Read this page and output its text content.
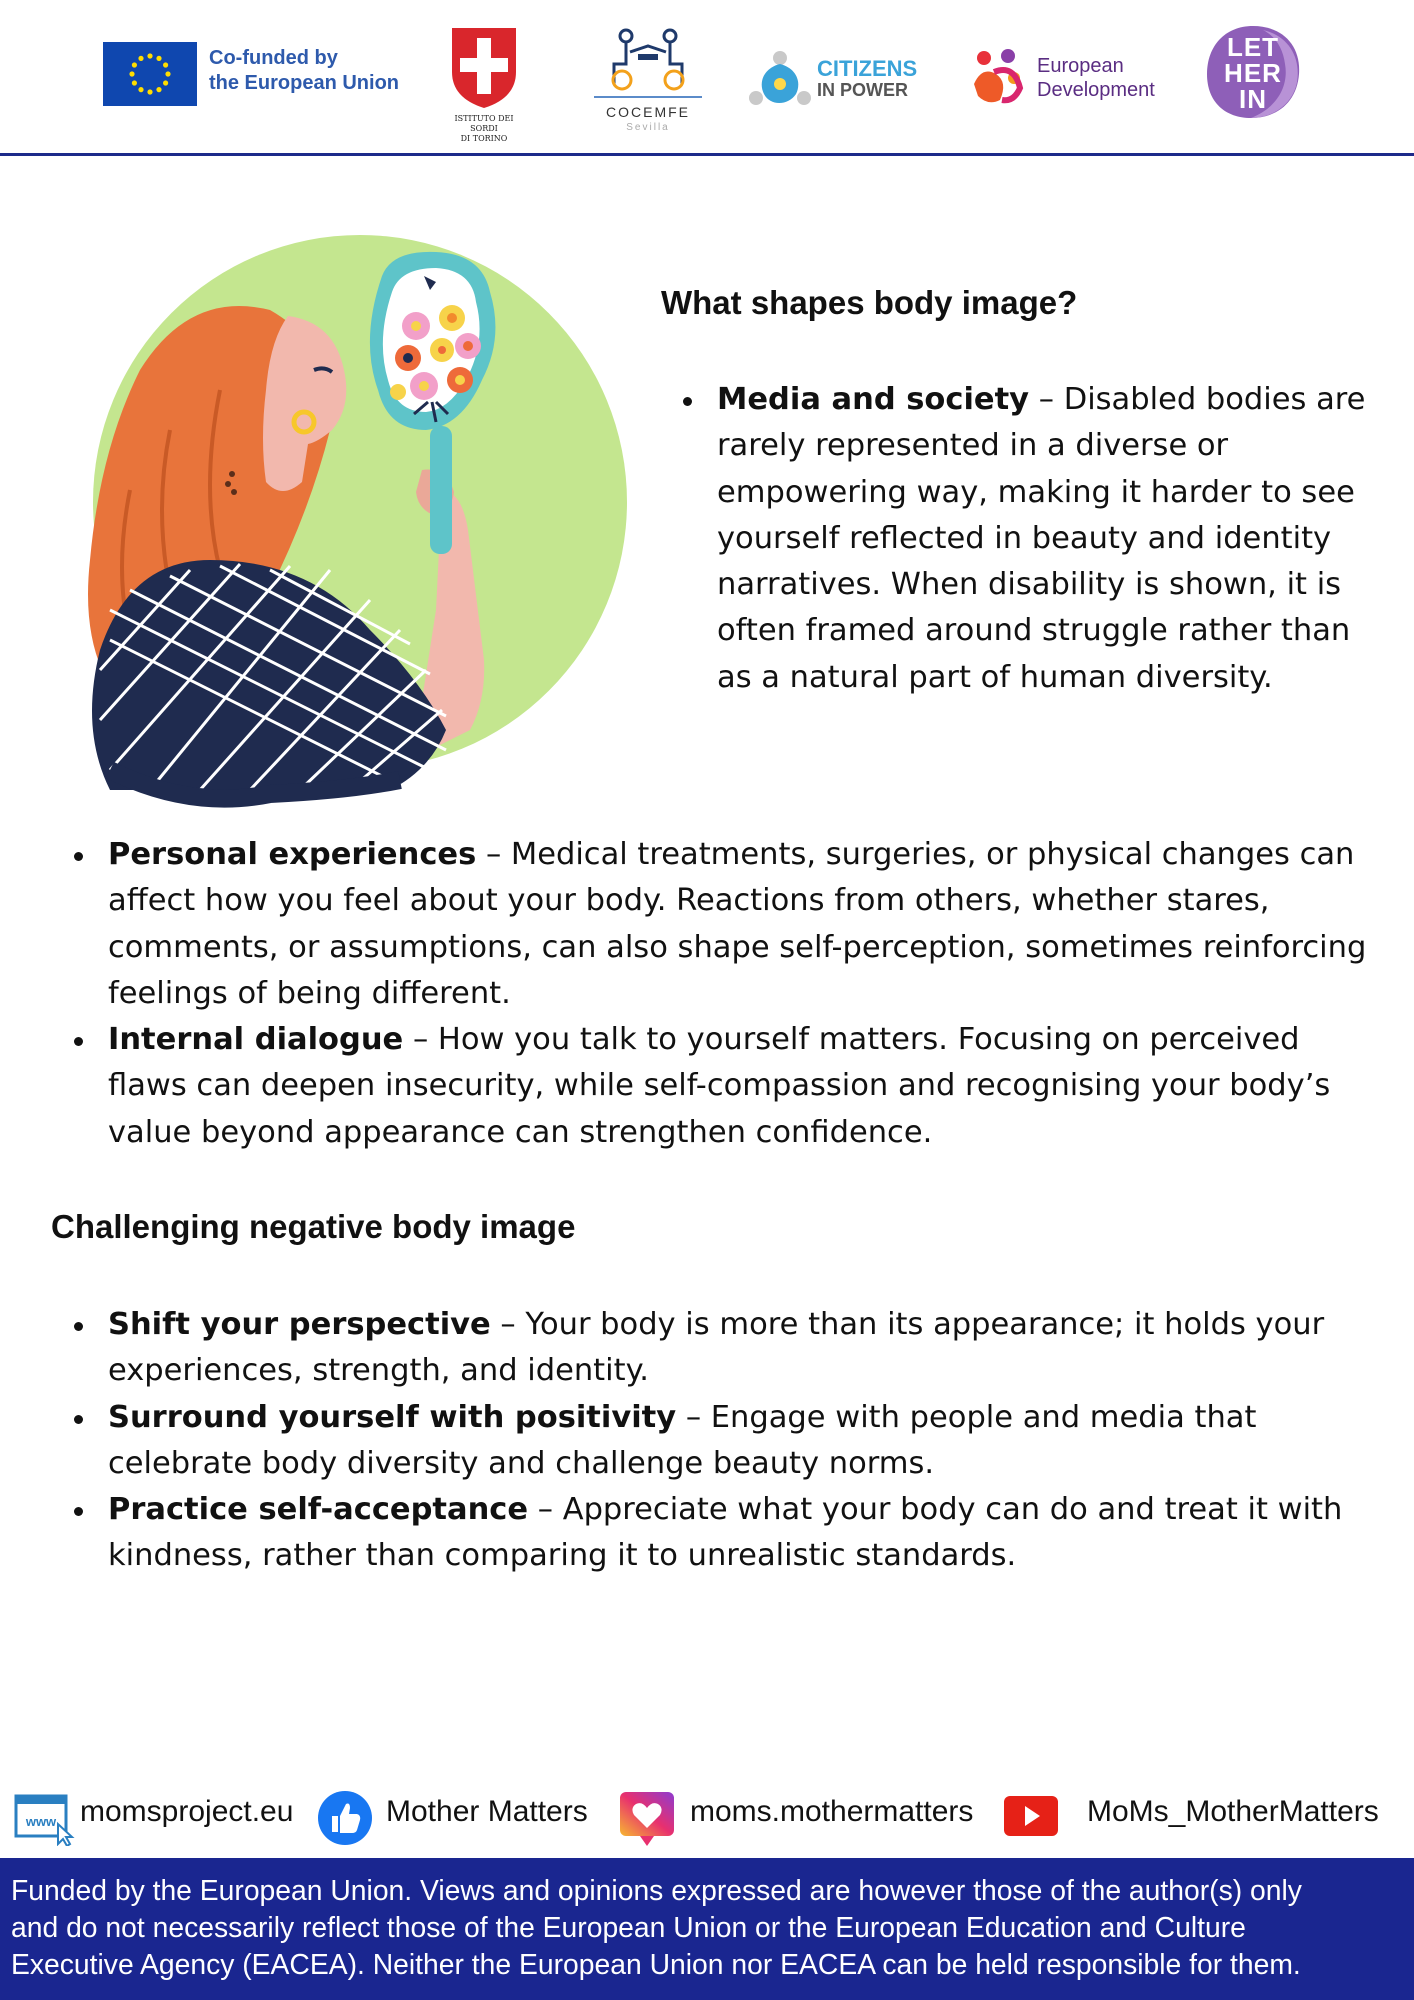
Co-funded by
the European Union
ISTITUTO DEI SORDI
DI TORINO
COCEMFE
Sevilla
CITIZENS
IN POWER
European
Development
LET
HER
IN
What shapes body image?
Media and society – Disabled bodies are rarely represented in a diverse or empowering way, making it harder to see yourself reflected in beauty and identity narratives. When disability is shown, it is often framed around struggle rather than as a natural part of human diversity.
Personal experiences – Medical treatments, surgeries, or physical changes can affect how you feel about your body. Reactions from others, whether stares, comments, or assumptions, can also shape self-perception, sometimes reinforcing feelings of being different.
Internal dialogue – How you talk to yourself matters. Focusing on perceived flaws can deepen insecurity, while self-compassion and recognising your body’s value beyond appearance can strengthen confidence.
Challenging negative body image
Shift your perspective – Your body is more than its appearance; it holds your experiences, strength, and identity.
Surround yourself with positivity – Engage with people and media that celebrate body diversity and challenge beauty norms.
Practice self-acceptance – Appreciate what your body can do and treat it with kindness, rather than comparing it to unrealistic standards.
www momsproject.eu	Mother Matters	moms.mothermatters	MoMs_MotherMatters
Funded by the European Union. Views and opinions expressed are however those of the author(s) only
and do not necessarily reflect those of the European Union or the European Education and Culture
Executive Agency (EACEA). Neither the European Union nor EACEA can be held responsible for them.
